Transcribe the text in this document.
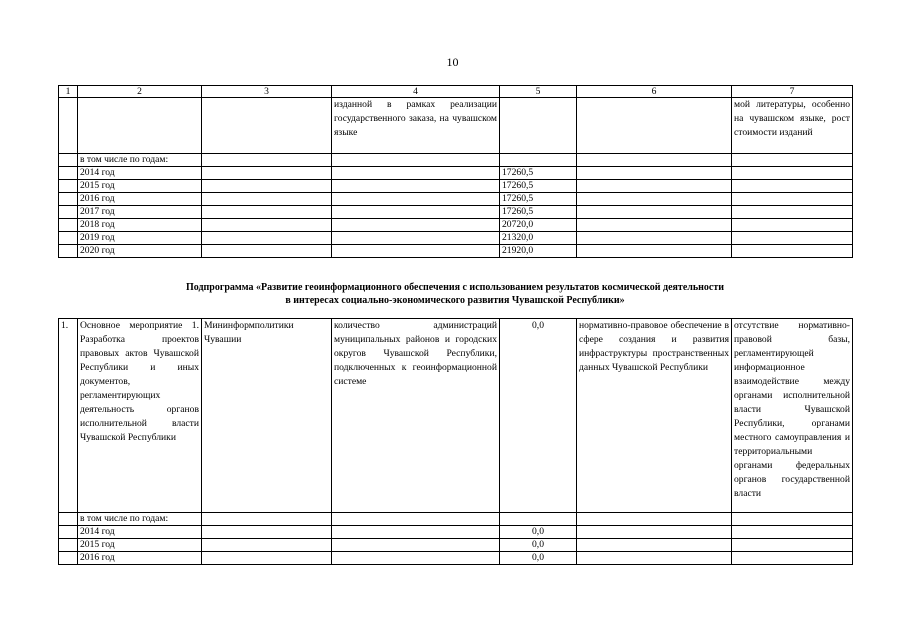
10
1	2	3	4	5	6	7
			изданной в рамках реализации государственного заказа, на чувашском языке			мой литературы, особенно на чувашском языке, рост стоимости изданий
	в том числе по годам:					
	2014 год			17260,5		
	2015 год			17260,5		
	2016 год			17260,5		
	2017 год			17260,5		
	2018 год			20720,0		
	2019 год			21320,0		
	2020 год			21920,0		
Подпрограмма «Развитие геоинформационного обеспечения с использованием результатов космической деятельности
в интересах социально-экономического развития Чувашской Республики»
1.	Основное мероприятие 1. Разработка проектов правовых актов Чувашской Республики и иных документов, регламентирующих деятельность органов исполнительной власти Чувашской Республики	Мининформполитики Чувашии	количество администраций муниципальных районов и городских округов Чувашской Республики, подключенных к геоинформационной системе	0,0	нормативно-правовое обеспечение в сфере создания и развития инфраструктуры пространственных данных Чувашской Республики	отсутствие нормативно-правовой базы, регламентирующей информационное взаимодействие между органами исполнительной власти Чувашской Республики, органами местного самоуправления и территориальными органами федеральных органов государственной власти
	в том числе по годам:					
	2014 год			0,0		
	2015 год			0,0		
	2016 год			0,0		
